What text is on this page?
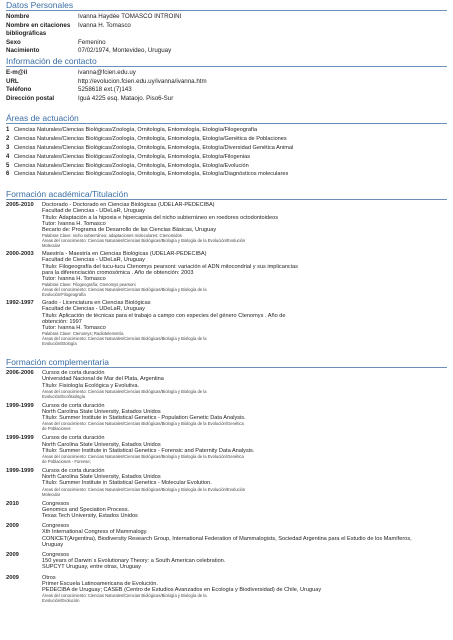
Datos Personales
Nombre	Ivanna Haydée TOMASCO INTROINI
Nombre en citaciones bibliográficas
Ivanna H. Tomasco
Sexo	Femenino
Nacimiento	07/02/1974, Montevideo, Uruguay
Información de contacto
E-m@il	ivanna@fcien.edu.uy
URL	http://evolucion.fcien.edu.uy/ivanna/ivanna.htm
Teléfono	5258618 ext.(7)143
Dirección postal	Iguá 4225 esq. Mataojo. Piso6-Sur
Áreas de actuación
1 Ciencias Naturales/Ciencias Biológicas/Zoología, Ornitología, Entomología, Etología/Filogeografía
2 Ciencias Naturales/Ciencias Biológicas/Zoología, Ornitología, Entomología, Etología/Genética de Poblaciones
3 Ciencias Naturales/Ciencias Biológicas/Zoología, Ornitología, Entomología, Etología/Diversidad Genética Animal
4 Ciencias Naturales/Ciencias Biológicas/Zoología, Ornitología, Entomología, Etología/Filogenias
5 Ciencias Naturales/Ciencias Biológicas/Zoología, Ornitología, Entomología, Etología/Evolución
6 Ciencias Naturales/Ciencias Biológicas/Zoología, Ornitología, Entomología, Etología/Diagnósticos moleculares
Formación académica/Titulación
2005-2010	Doctorado - Doctorado en Ciencias Biológicas (UDELAR-PEDECIBA)
Facultad de Ciencias - UDeLaR, Uruguay
Título: Adaptación a la hipoxia e hipercapnia del nicho subterráneo en roedores octodontoideos
Tutor: Ivanna H. Tomasco
Becario de: Programa de Desarrollo de las Ciencias Básicas, Uruguay
Palabras Clave: nicho subterráneo; adaptaciones moleculares; Ctenomidos
Áreas del conocimiento: Ciencias Naturales/Ciencias Biológicas/Biología y Biología de la Evolución/Evolución
Molecular
2000-2003	Maestría - Maestría en Ciencias Biológicas (UDELAR-PEDECIBA)
Facultad de Ciencias - UDeLaR, Uruguay
Título: Filogeografía del tucu-tucu Ctenomys pearsoni: variación el ADN mitocondrial y sus implicancias
para la diferenciación cromosómica . Año de obtención: 2003
Tutor: Ivanna H. Tomasco
Palabras Clave: Filogeografía; Ctenomys pearsoni
Áreas del conocimiento: Ciencias Naturales/Ciencias Biológicas/Biología y Biología de la
Evolución/Filogeografía
1992-1997	Grado - Licenciatura en Ciencias Biológicas
Facultad de Ciencias - UDeLaR, Uruguay
Título: Aplicación de técnicas para el trabajo a campo con especies del género Ctenomys . Año de
obtención: 1997
Tutor: Ivanna H. Tomasco
Palabras Clave: Ctenomys; Radiotelemetría
Áreas del conocimiento: Ciencias Naturales/Ciencias Biológicas/Biología y Biología de la
Evolución/Etología
Formación complementaria
2006-2006	Cursos de corta duración
Universidad Nacional de Mar del Plata, Argentina
Título: Fisiología Ecológica y Evolutiva.
Áreas del conocimiento: Ciencias Naturales/Ciencias Biológicas/Biología y Biología de la
Evolución/Ecofisiología
1999-1999	Cursos de corta duración
North Carolina State University, Estados Unidos
Título: Summer Institute in Statistical Genetics - Population Genetic Data Analysis.
Áreas del conocimiento: Ciencias Naturales/Ciencias Biológicas/Biología y Biología de la Evolución/Genética
de Poblaciones
1999-1999	Cursos de corta duración
North Carolina State University, Estados Unidos
Título: Summer Institute in Statistical Genetics - Forensic and Paternity Data Analysis.
Áreas del conocimiento: Ciencias Naturales/Ciencias Biológicas/Biología y Biología de la Evolución/Genética
de Poblaciones - Forense;
1999-1999	Cursos de corta duración
North Carolina State University, Estados Unidos
Título: Summer Institute in Statistical Genetics - Molecular Evolution.
Áreas del conocimiento: Ciencias Naturales/Ciencias Biológicas/Biología y Biología de la Evolución/Evolución
Molecular
2010	Congresos
Genomics and Speciation Process.
Texas Tech University, Estados Unidos
2009	Congresos
Xth International Congress of Mammalogy.
CONICET(Argentina), Biodiversity Research Group, International Federation of Mammalogists, Sociedad Argentina para el Estudio de los Mamíferos,
Uruguay
2009	Congresos
150 years of Darwin´s Evolutionary Theory: a South American celebration.
SUPCYT Uruguay, entre otras, Uruguay
2009	Otros
Primer Escuela Latinoamericana de Evolución.
PEDECIBA de Uruguay; CASEB (Centro de Estudios Avanzados en Ecología y Biodiversidad) de Chile, Uruguay
Áreas del conocimiento: Ciencias Naturales/Ciencias Biológicas/Biología y Biología de la
Evolución/Evolución
